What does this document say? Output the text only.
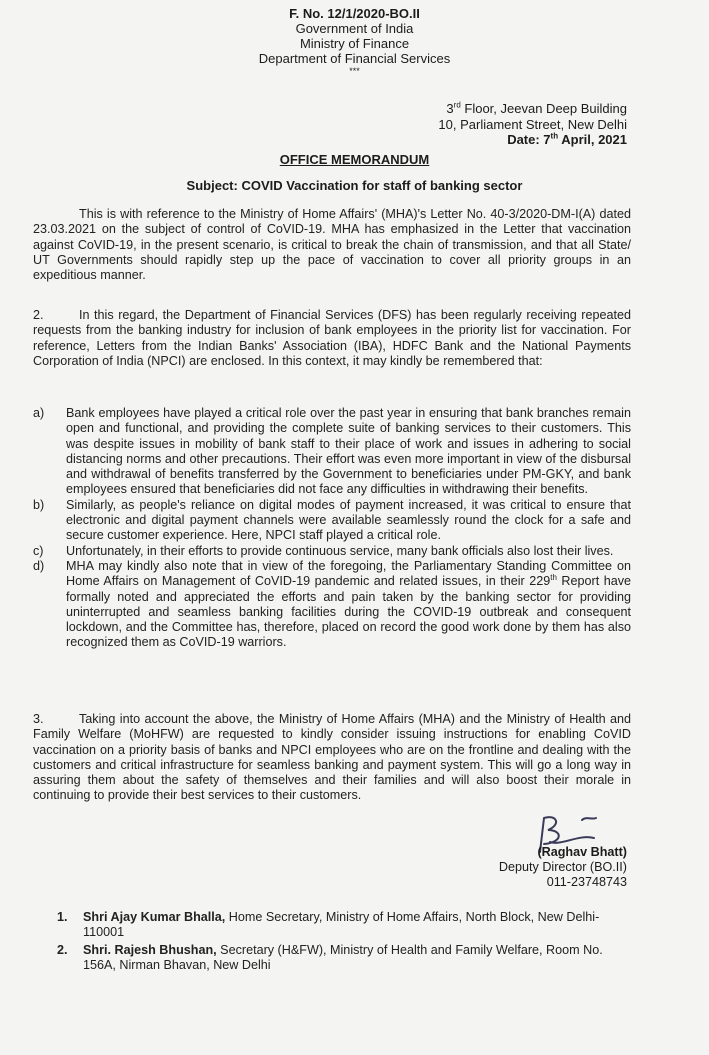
F. No. 12/1/2020-BO.II
Government of India
Ministry of Finance
Department of Financial Services
***
3rd Floor, Jeevan Deep Building
10, Parliament Street, New Delhi
Date: 7th April, 2021
OFFICE MEMORANDUM
Subject: COVID Vaccination for staff of banking sector
This is with reference to the Ministry of Home Affairs' (MHA)'s Letter No. 40-3/2020-DM-I(A) dated 23.03.2021 on the subject of control of CoVID-19. MHA has emphasized in the Letter that vaccination against CoVID-19, in the present scenario, is critical to break the chain of transmission, and that all State/ UT Governments should rapidly step up the pace of vaccination to cover all priority groups in an expeditious manner.
2.	In this regard, the Department of Financial Services (DFS) has been regularly receiving repeated requests from the banking industry for inclusion of bank employees in the priority list for vaccination. For reference, Letters from the Indian Banks' Association (IBA), HDFC Bank and the National Payments Corporation of India (NPCI) are enclosed. In this context, it may kindly be remembered that:
a) Bank employees have played a critical role over the past year in ensuring that bank branches remain open and functional, and providing the complete suite of banking services to their customers. This was despite issues in mobility of bank staff to their place of work and issues in adhering to social distancing norms and other precautions. Their effort was even more important in view of the disbursal and withdrawal of benefits transferred by the Government to beneficiaries under PM-GKY, and bank employees ensured that beneficiaries did not face any difficulties in withdrawing their benefits.
b) Similarly, as people's reliance on digital modes of payment increased, it was critical to ensure that electronic and digital payment channels were available seamlessly round the clock for a safe and secure customer experience. Here, NPCI staff played a critical role.
c) Unfortunately, in their efforts to provide continuous service, many bank officials also lost their lives.
d) MHA may kindly also note that in view of the foregoing, the Parliamentary Standing Committee on Home Affairs on Management of CoVID-19 pandemic and related issues, in their 229th Report have formally noted and appreciated the efforts and pain taken by the banking sector for providing uninterrupted and seamless banking facilities during the COVID-19 outbreak and consequent lockdown, and the Committee has, therefore, placed on record the good work done by them has also recognized them as CoVID-19 warriors.
3.	Taking into account the above, the Ministry of Home Affairs (MHA) and the Ministry of Health and Family Welfare (MoHFW) are requested to kindly consider issuing instructions for enabling CoVID vaccination on a priority basis of banks and NPCI employees who are on the frontline and dealing with the customers and critical infrastructure for seamless banking and payment system. This will go a long way in assuring them about the safety of themselves and their families and will also boost their morale in continuing to provide their best services to their customers.
(Raghav Bhatt)
Deputy Director (BO.II)
011-23748743
1. Shri Ajay Kumar Bhalla, Home Secretary, Ministry of Home Affairs, North Block, New Delhi-110001
2. Shri. Rajesh Bhushan, Secretary (H&FW), Ministry of Health and Family Welfare, Room No. 156A, Nirman Bhavan, New Delhi
